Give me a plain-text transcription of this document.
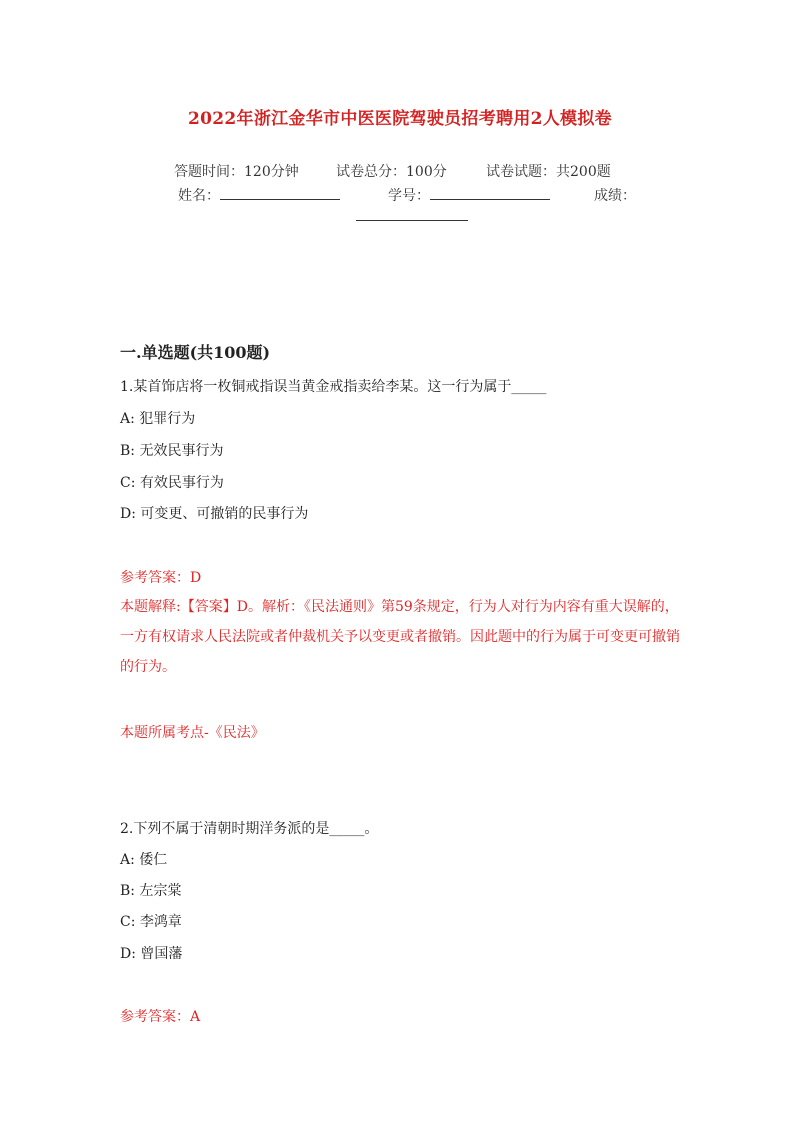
2022年浙江金华市中医医院驾驶员招考聘用2人模拟卷
答题时间：120分钟	试卷总分：100分	试卷试题：共200题
姓名：	学号：	成绩：
一.单选题(共100题)
1.某首饰店将一枚铜戒指误当黄金戒指卖给李某。这一行为属于_____
A: 犯罪行为
B: 无效民事行为
C: 有效民事行为
D: 可变更、可撤销的民事行为
参考答案：D
本题解释:【答案】D。解析：《民法通则》第59条规定，行为人对行为内容有重大误解的，一方有权请求人民法院或者仲裁机关予以变更或者撤销。因此题中的行为属于可变更可撤销的行为。
本题所属考点-《民法》
2.下列不属于清朝时期洋务派的是_____。
A: 倭仁
B: 左宗棠
C: 李鸿章
D: 曾国藩
参考答案：A
